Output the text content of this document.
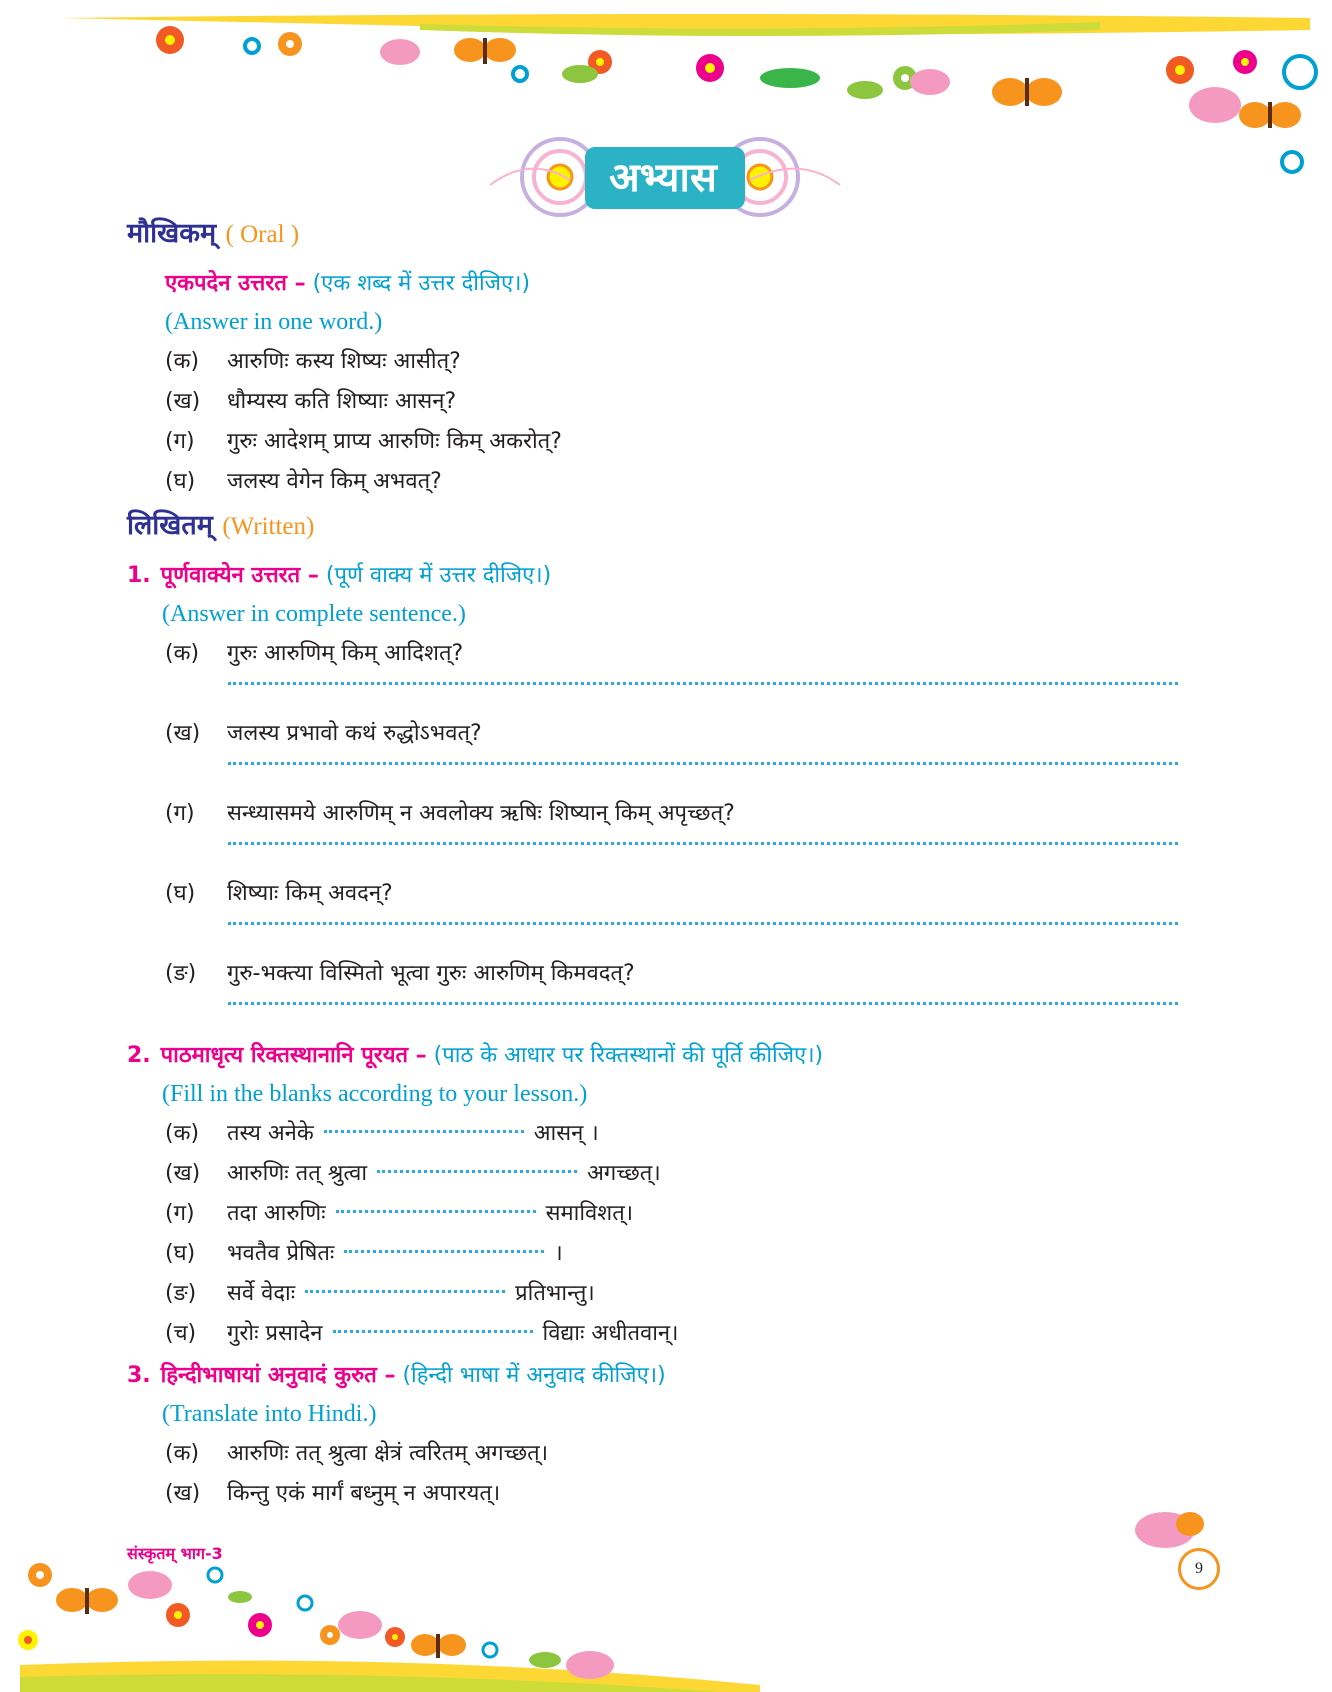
अभ्यास
मौखिकम् ( Oral )
एकपदेन उत्तरत – (एक शब्द में उत्तर दीजिए।)
(Answer in one word.)
(क) आरुणिः कस्य शिष्यः आसीत्?
(ख) धौम्यस्य कति शिष्याः आसन्?
(ग) गुरुः आदेशम् प्राप्य आरुणिः किम् अकरोत्?
(घ) जलस्य वेगेन किम् अभवत्?
लिखितम् (Written)
1. पूर्णवाक्येन उत्तरत – (पूर्ण वाक्य में उत्तर दीजिए।)
(Answer in complete sentence.)
(क) गुरुः आरुणिम् किम् आदिशत्?
(ख) जलस्य प्रभावो कथं रुद्धोऽभवत्?
(ग) सन्ध्यासमये आरुणिम् न अवलोक्य ऋषिः शिष्यान् किम् अपृच्छत्?
(घ) शिष्याः किम् अवदन्?
(ङ) गुरु-भक्त्या विस्मितो भूत्वा गुरुः आरुणिम् किमवदत्?
2. पाठमाधृत्य रिक्तस्थानानि पूरयत – (पाठ के आधार पर रिक्तस्थानों की पूर्ति कीजिए।)
(Fill in the blanks according to your lesson.)
(क) तस्य अनेके	आसन् ।
(ख) आरुणिः तत् श्रुत्वा	अगच्छत्।
(ग) तदा आरुणिः	समाविशत्।
(घ) भवतैव प्रेषितः	।
(ङ) सर्वे वेदाः	प्रतिभान्तु।
(च) गुरोः प्रसादेन	विद्याः अधीतवान्।
3. हिन्दीभाषायां अनुवादं कुरुत – (हिन्दी भाषा में अनुवाद कीजिए।)
(Translate into Hindi.)
(क) आरुणिः तत् श्रुत्वा क्षेत्रं त्वरितम् अगच्छत्।
(ख) किन्तु एकं मार्गं बध्नुम् न अपारयत्।
संस्कृतम् भाग-3
9
